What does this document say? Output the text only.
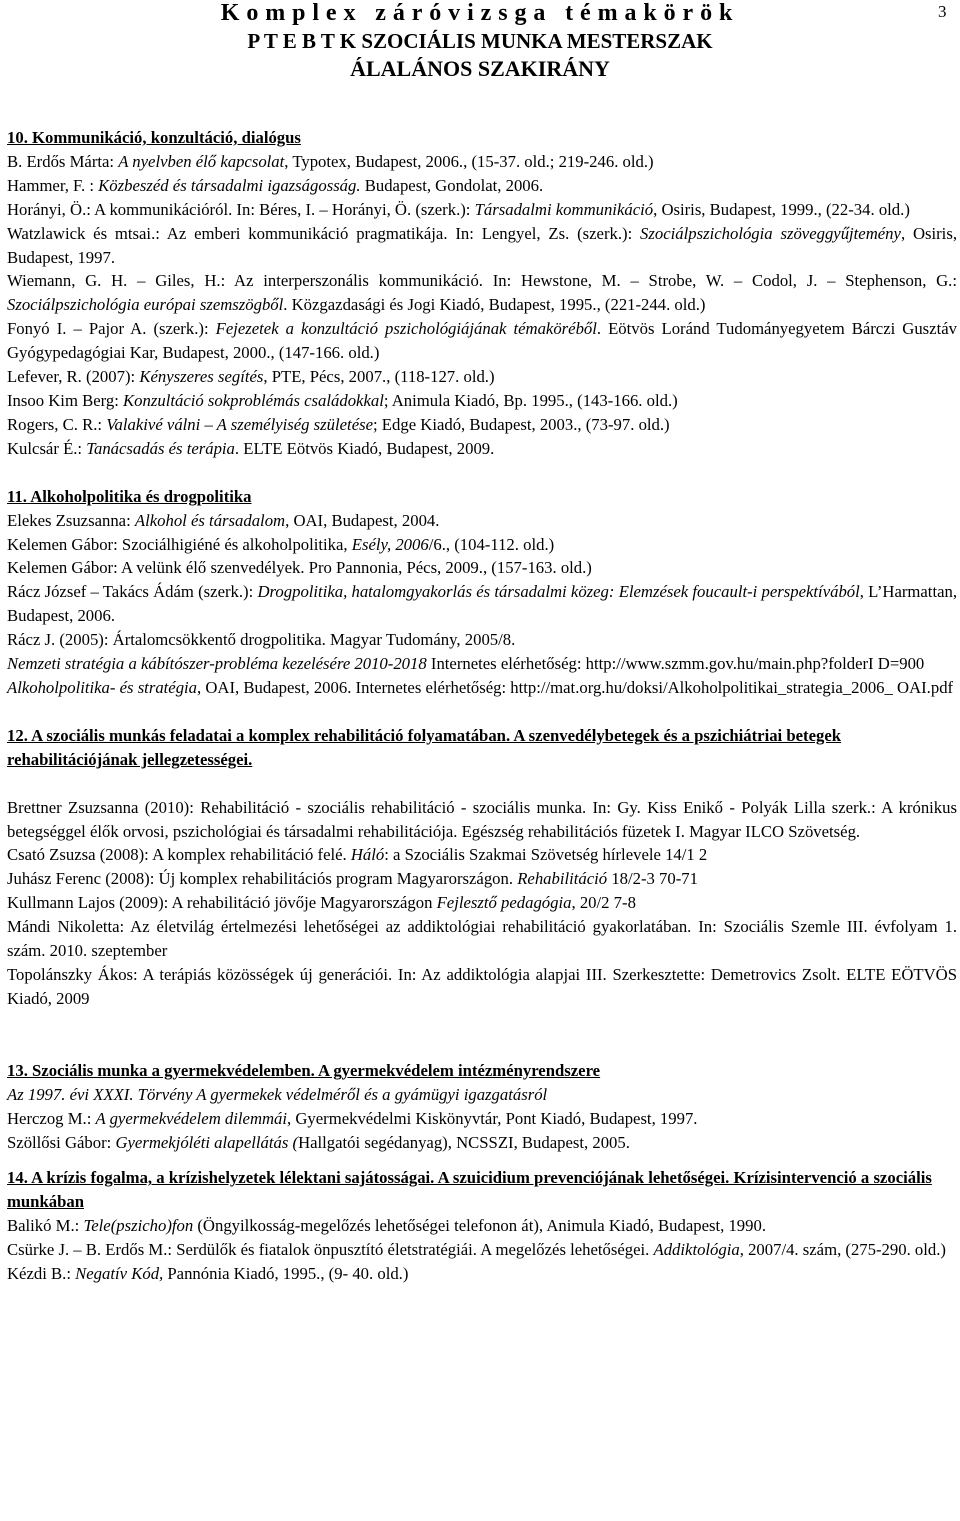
Komplex záróvizsga témakörök	3
P T E B T K SZOCIÁLIS MUNKA MESTERSZAK
ÁLALÁNOS SZAKIRÁNY

10. Kommunikáció, konzultáció, dialógus

B. Erdős Márta: A nyelvben élő kapcsolat, Typotex, Budapest, 2006., (15-37. old.; 219-246. old.)

Hammer, F. : Közbeszéd és társadalmi igazságosság. Budapest, Gondolat, 2006.

Horányi, Ö.: A kommunikációról. In: Béres, I. – Horányi, Ö. (szerk.): Társadalmi kommunikáció, Osiris, Budapest, 1999., (22-34. old.)

Watzlawick és mtsai.: Az emberi kommunikáció pragmatikája. In: Lengyel, Zs. (szerk.): Szociálpszichológia szöveggyűjtemény, Osiris, Budapest, 1997.

Wiemann, G. H. – Giles, H.: Az interperszonális kommunikáció. In: Hewstone, M. – Strobe, W. – Codol, J. – Stephenson, G.: Szociálpszichológia európai szemszögből. Közgazdasági és Jogi Kiadó, Budapest, 1995., (221-244. old.)

Fonyó I. – Pajor A. (szerk.): Fejezetek a konzultáció pszichológiájának témaköréből. Eötvös Loránd Tudományegyetem Bárczi Gusztáv Gyógypedagógiai Kar, Budapest, 2000., (147-166. old.)

Lefever, R. (2007): Kényszeres segítés, PTE, Pécs, 2007., (118-127. old.)

Insoo Kim Berg: Konzultáció sokproblémás családokkal; Animula Kiadó, Bp. 1995., (143-166. old.)

Rogers, C. R.: Valakivé válni – A személyiség születése; Edge Kiadó, Budapest, 2003., (73-97. old.)

Kulcsár É.: Tanácsadás és terápia. ELTE Eötvös Kiadó, Budapest, 2009.

11. Alkoholpolitika és drogpolitika

Elekes Zsuzsanna: Alkohol és társadalom, OAI, Budapest, 2004.

Kelemen Gábor: Szociálhigiéné és alkoholpolitika, Esély, 2006/6., (104-112. old.)

Kelemen Gábor: A velünk élő szenvedélyek. Pro Pannonia, Pécs, 2009., (157-163. old.)

Rácz József – Takács Ádám (szerk.): Drogpolitika, hatalomgyakorlás és társadalmi közeg: Elemzések foucault-i perspektívából, L’Harmattan, Budapest, 2006.

Rácz J. (2005): Ártalomcsökkentő drogpolitika. Magyar Tudomány, 2005/8.

Nemzeti stratégia a kábítószer-probléma kezelésére 2010-2018 Internetes elérhetőség: http://www.szmm.gov.hu/main.php?folderI D=900

Alkoholpolitika- és stratégia, OAI, Budapest, 2006. Internetes elérhetőség: http://mat.org.hu/doksi/Alkoholpolitikai_strategia_2006_ OAI.pdf

12. A szociális munkás feladatai a komplex rehabilitáció folyamatában. A szenvedélybetegek és a pszichiátriai betegek rehabilitációjának jellegzetességei.

Brettner Zsuzsanna (2010): Rehabilitáció - szociális rehabilitáció - szociális munka. In: Gy. Kiss Enikő - Polyák Lilla szerk.: A krónikus betegséggel élők orvosi, pszichológiai és társadalmi rehabilitációja. Egészség rehabilitációs füzetek I. Magyar ILCO Szövetség.

Csató Zsuzsa (2008): A komplex rehabilitáció felé. Háló: a Szociális Szakmai Szövetség hírlevele 14/1 2

Juhász Ferenc (2008): Új komplex rehabilitációs program Magyarországon. Rehabilitáció 18/2-3 70-71

Kullmann Lajos (2009): A rehabilitáció jövője Magyarországon Fejlesztő pedagógia, 20/2 7-8

Mándi Nikoletta: Az életvilág értelmezési lehetőségei az addiktológiai rehabilitáció gyakorlatában. In: Szociális Szemle III. évfolyam 1. szám. 2010. szeptember

Topolánszky Ákos: A terápiás közösségek új generációi. In: Az addiktológia alapjai III. Szerkesztette: Demetrovics Zsolt. ELTE EÖTVÖS Kiadó, 2009

13. Szociális munka a gyermekvédelemben. A gyermekvédelem intézményrendszere

Az 1997. évi XXXI. Törvény A gyermekek védelméről és a gyámügyi igazgatásról

Herczog M.: A gyermekvédelem dilemmái, Gyermekvédelmi Kiskönyvtár, Pont Kiadó, Budapest, 1997.

Szöllősi Gábor: Gyermekjóléti alapellátás (Hallgatói segédanyag), NCSSZI, Budapest, 2005.

14. A krízis fogalma, a krízishelyzetek lélektani sajátosságai. A szuicidium prevenciójának lehetőségei. Krízisintervenció a szociális munkában

Balikó M.: Tele(pszicho)fon (Öngyilkosság-megelőzés lehetőségei telefonon át), Animula Kiadó, Budapest, 1990.

Csürke J. – B. Erdős M.: Serdülők és fiatalok önpusztító életstratégiái. A megelőzés lehetőségei. Addiktológia, 2007/4. szám, (275-290. old.)

Kézdi B.: Negatív Kód, Pannónia Kiadó, 1995., (9- 40. old.)
